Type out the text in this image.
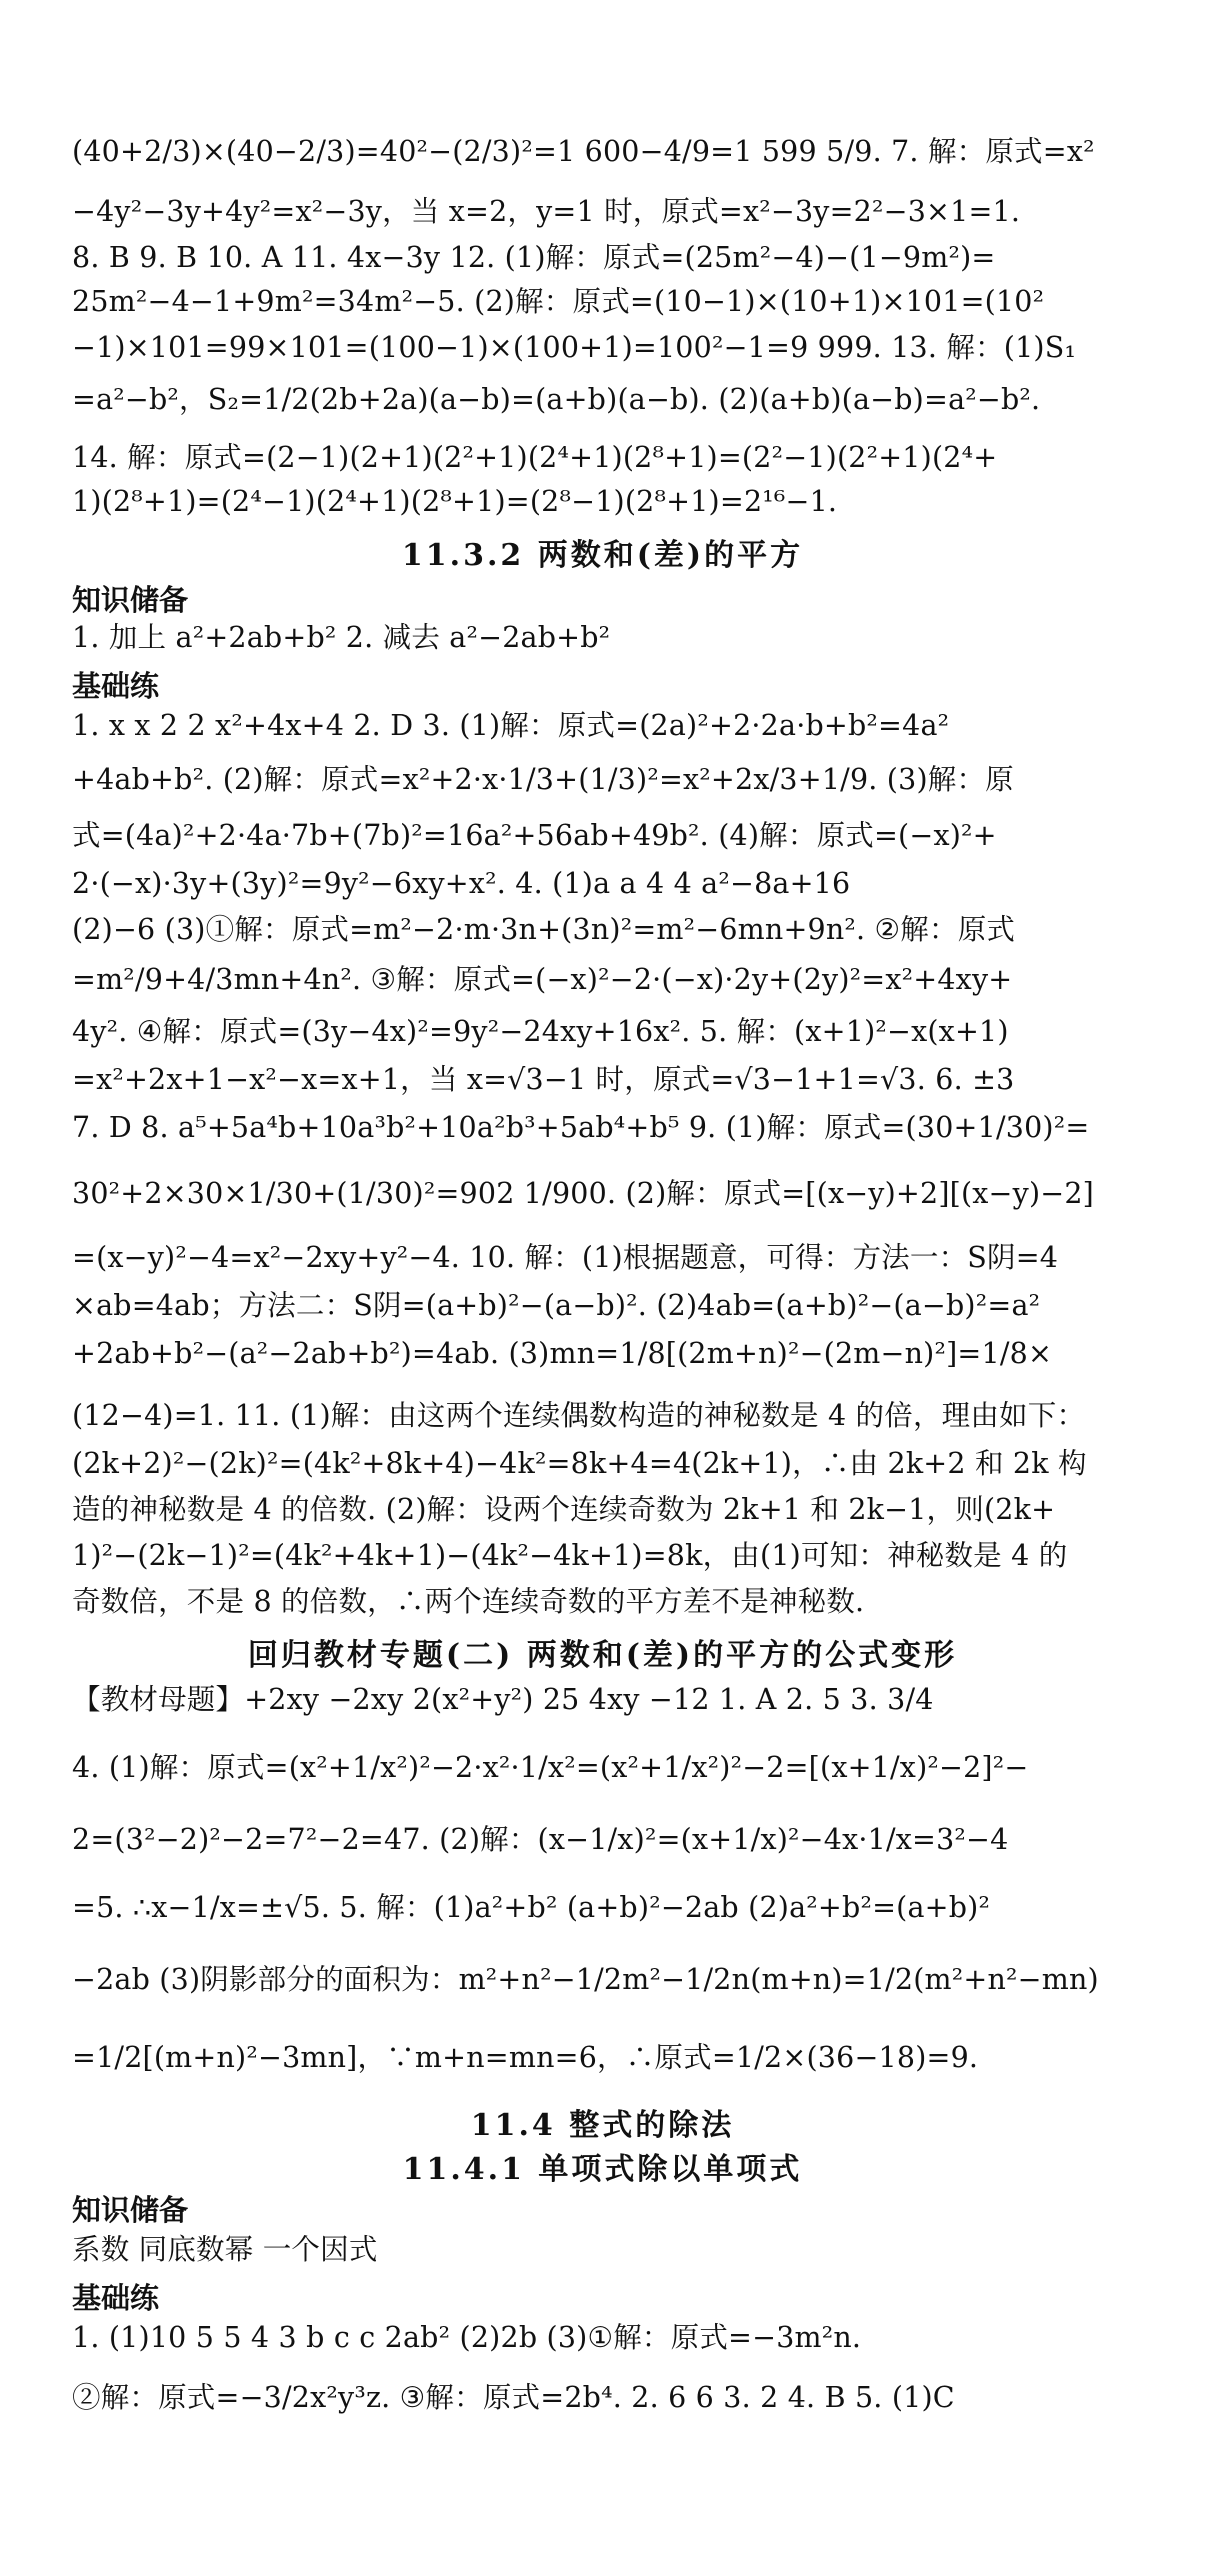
(40+2/3)×(40−2/3)=40²−(2/3)²=1 600−4/9=1 599 5/9. 7. 解：原式=x²
−4y²−3y+4y²=x²−3y，当 x=2，y=1 时，原式=x²−3y=2²−3×1=1.
8. B 9. B 10. A 11. 4x−3y 12. (1)解：原式=(25m²−4)−(1−9m²)=
25m²−4−1+9m²=34m²−5. (2)解：原式=(10−1)×(10+1)×101=(10²
−1)×101=99×101=(100−1)×(100+1)=100²−1=9 999. 13. 解：(1)S₁
=a²−b²，S₂=1/2(2b+2a)(a−b)=(a+b)(a−b). (2)(a+b)(a−b)=a²−b².
14. 解：原式=(2−1)(2+1)(2²+1)(2⁴+1)(2⁸+1)=(2²−1)(2²+1)(2⁴+
1)(2⁸+1)=(2⁴−1)(2⁴+1)(2⁸+1)=(2⁸−1)(2⁸+1)=2¹⁶−1.
11.3.2 两数和(差)的平方
知识储备
1. 加上 a²+2ab+b² 2. 减去 a²−2ab+b²
基础练
1. x x 2 2 x²+4x+4 2. D 3. (1)解：原式=(2a)²+2·2a·b+b²=4a²
+4ab+b². (2)解：原式=x²+2·x·1/3+(1/3)²=x²+2x/3+1/9. (3)解：原
式=(4a)²+2·4a·7b+(7b)²=16a²+56ab+49b². (4)解：原式=(−x)²+
2·(−x)·3y+(3y)²=9y²−6xy+x². 4. (1)a a 4 4 a²−8a+16
(2)−6 (3)①解：原式=m²−2·m·3n+(3n)²=m²−6mn+9n². ②解：原式
=m²/9+4/3mn+4n². ③解：原式=(−x)²−2·(−x)·2y+(2y)²=x²+4xy+
4y². ④解：原式=(3y−4x)²=9y²−24xy+16x². 5. 解：(x+1)²−x(x+1)
=x²+2x+1−x²−x=x+1，当 x=√3−1 时，原式=√3−1+1=√3. 6. ±3
7. D 8. a⁵+5a⁴b+10a³b²+10a²b³+5ab⁴+b⁵ 9. (1)解：原式=(30+1/30)²=
30²+2×30×1/30+(1/30)²=902 1/900. (2)解：原式=[(x−y)+2][(x−y)−2]
=(x−y)²−4=x²−2xy+y²−4. 10. 解：(1)根据题意，可得：方法一：S阴=4
×ab=4ab；方法二：S阴=(a+b)²−(a−b)². (2)4ab=(a+b)²−(a−b)²=a²
+2ab+b²−(a²−2ab+b²)=4ab. (3)mn=1/8[(2m+n)²−(2m−n)²]=1/8×
(12−4)=1. 11. (1)解：由这两个连续偶数构造的神秘数是 4 的倍，理由如下：
(2k+2)²−(2k)²=(4k²+8k+4)−4k²=8k+4=4(2k+1)，∴由 2k+2 和 2k 构
造的神秘数是 4 的倍数. (2)解：设两个连续奇数为 2k+1 和 2k−1，则(2k+
1)²−(2k−1)²=(4k²+4k+1)−(4k²−4k+1)=8k，由(1)可知：神秘数是 4 的
奇数倍，不是 8 的倍数，∴两个连续奇数的平方差不是神秘数.
回归教材专题(二) 两数和(差)的平方的公式变形
【教材母题】+2xy −2xy 2(x²+y²) 25 4xy −12 1. A 2. 5 3. 3/4
4. (1)解：原式=(x²+1/x²)²−2·x²·1/x²=(x²+1/x²)²−2=[(x+1/x)²−2]²−
2=(3²−2)²−2=7²−2=47. (2)解：(x−1/x)²=(x+1/x)²−4x·1/x=3²−4
=5. ∴x−1/x=±√5. 5. 解：(1)a²+b² (a+b)²−2ab (2)a²+b²=(a+b)²
−2ab (3)阴影部分的面积为：m²+n²−1/2m²−1/2n(m+n)=1/2(m²+n²−mn)
=1/2[(m+n)²−3mn]，∵m+n=mn=6，∴原式=1/2×(36−18)=9.
11.4 整式的除法
11.4.1 单项式除以单项式
知识储备
系数 同底数幂 一个因式
基础练
1. (1)10 5 5 4 3 b c c 2ab² (2)2b (3)①解：原式=−3m²n.
②解：原式=−3/2x²y³z. ③解：原式=2b⁴. 2. 6 6 3. 2 4. B 5. (1)C
